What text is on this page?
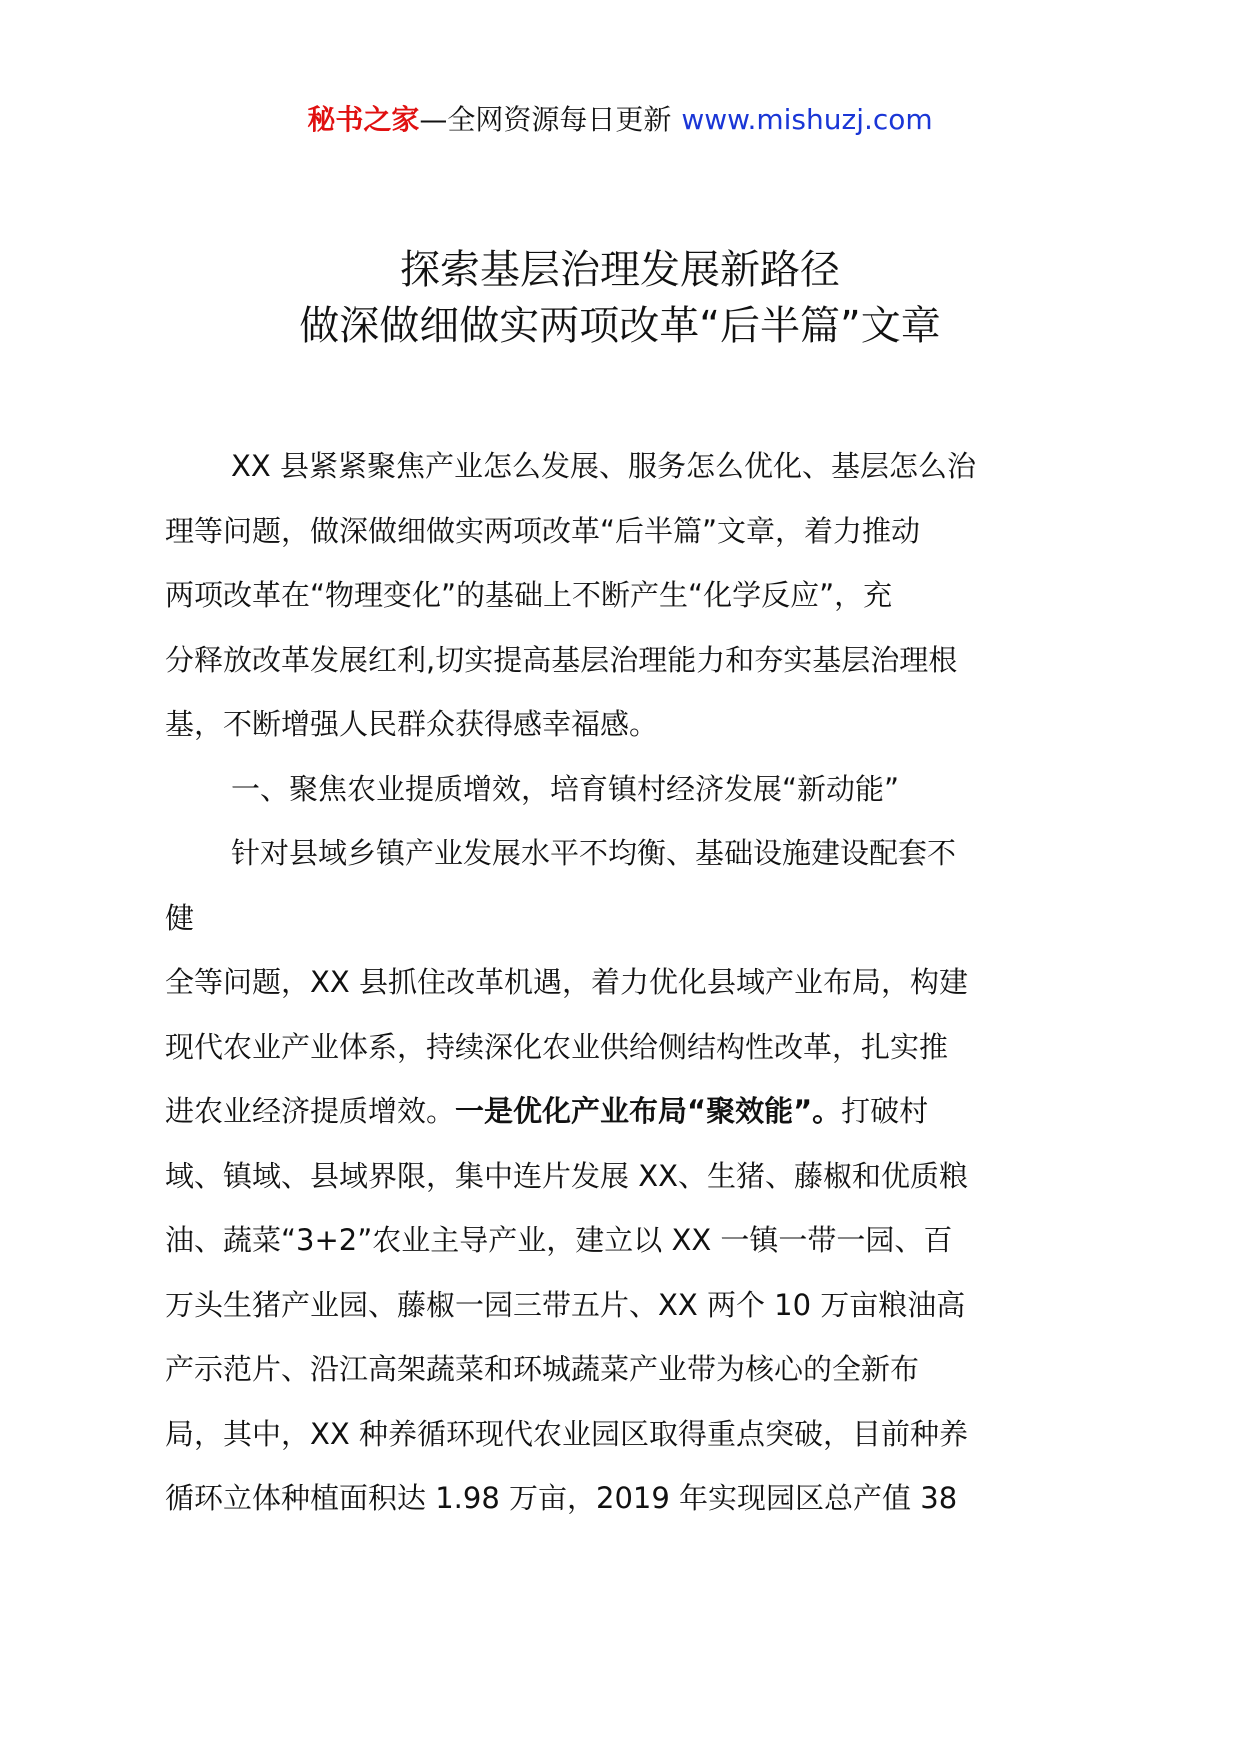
秘书之家—全网资源每日更新 www.mishuzj.com
探索基层治理发展新路径
做深做细做实两项改革“后半篇”文章
XX 县紧紧聚焦产业怎么发展、服务怎么优化、基层怎么治
理等问题，做深做细做实两项改革“后半篇”文章，着力推动
两项改革在“物理变化”的基础上不断产生“化学反应”，充
分释放改革发展红利,切实提高基层治理能力和夯实基层治理根
基，不断增强人民群众获得感幸福感。
一、聚焦农业提质增效，培育镇村经济发展“新动能”
针对县域乡镇产业发展水平不均衡、基础设施建设配套不
健
全等问题，XX 县抓住改革机遇，着力优化县域产业布局，构建
现代农业产业体系，持续深化农业供给侧结构性改革，扎实推
进农业经济提质增效。一是优化产业布局“聚效能”。打破村
域、镇域、县域界限，集中连片发展 XX、生猪、藤椒和优质粮
油、蔬菜“3+2”农业主导产业，建立以 XX 一镇一带一园、百
万头生猪产业园、藤椒一园三带五片、XX 两个 10 万亩粮油高
产示范片、沿江高架蔬菜和环城蔬菜产业带为核心的全新布
局，其中，XX 种养循环现代农业园区取得重点突破，目前种养
循环立体种植面积达 1.98 万亩，2019 年实现园区总产值 38
